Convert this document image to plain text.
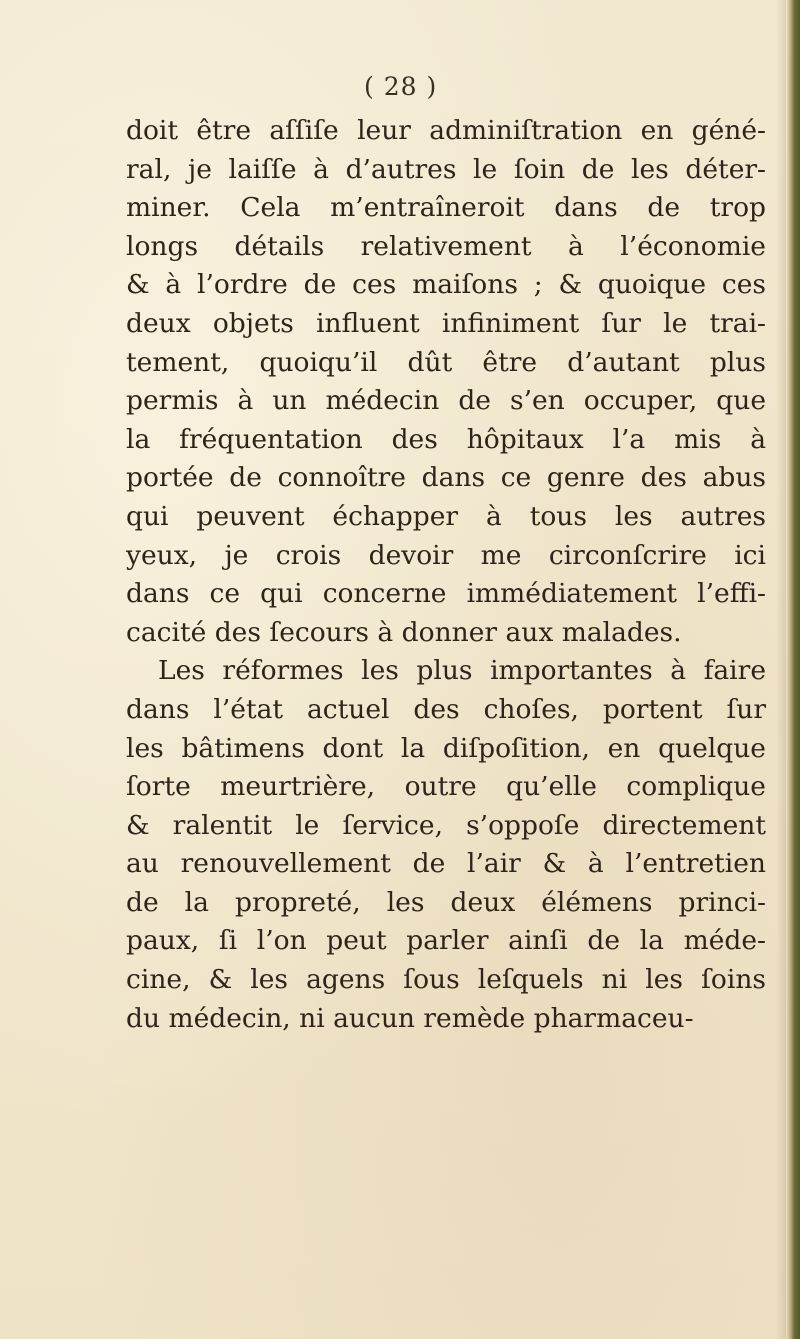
( 28 )
doit être aſſiſe leur adminiſtration en géné-
ral, je laiſſe à d’autres le ſoin de les déter-
miner. Cela m’entraîneroit dans de trop
longs détails relativement à l’économie
& à l’ordre de ces maiſons ; & quoique ces
deux objets influent infiniment ſur le trai-
tement, quoiqu’il dût être d’autant plus
permis à un médecin de s’en occuper, que
la fréquentation des hôpitaux l’a mis à
portée de connoître dans ce genre des abus
qui peuvent échapper à tous les autres
yeux, je crois devoir me circonſcrire ici
dans ce qui concerne immédiatement l’effi-
cacité des ſecours à donner aux malades.
Les réformes les plus importantes à faire
dans l’état actuel des choſes, portent ſur
les bâtimens dont la diſpoſition, en quelque
ſorte meurtrière, outre qu’elle complique
& ralentit le ſervice, s’oppoſe directement
au renouvellement de l’air & à l’entretien
de la propreté, les deux élémens princi-
paux, ſi l’on peut parler ainſi de la méde-
cine, & les agens ſous leſquels ni les ſoins
du médecin, ni aucun remède pharmaceu-
